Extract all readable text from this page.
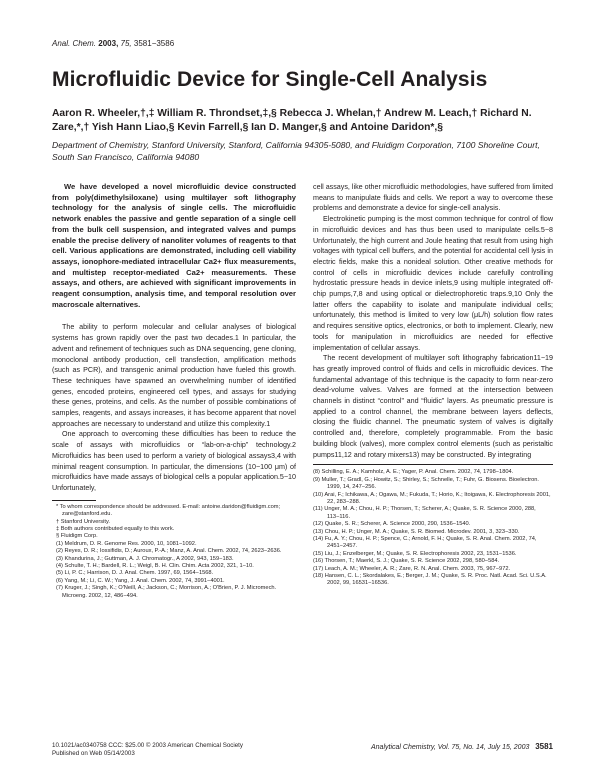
Anal. Chem. 2003, 75, 3581−3586
Microfluidic Device for Single-Cell Analysis
Aaron R. Wheeler,†,‡ William R. Throndset,‡,§ Rebecca J. Whelan,† Andrew M. Leach,† Richard N. Zare,*,† Yish Hann Liao,§ Kevin Farrell,§ Ian D. Manger,§ and Antoine Daridon*,§
Department of Chemistry, Stanford University, Stanford, California 94305-5080, and Fluidigm Corporation, 7100 Shoreline Court, South San Francisco, California 94080

We have developed a novel microfluidic device constructed from poly(dimethylsiloxane) using multilayer soft lithography technology for the analysis of single cells. The microfluidic network enables the passive and gentle separation of a single cell from the bulk cell suspension, and integrated valves and pumps enable the precise delivery of nanoliter volumes of reagents to that cell. Various applications are demonstrated, including cell viability assays, ionophore-mediated intracellular Ca2+ flux measurements, and multistep receptor-mediated Ca2+ measurements. These assays, and others, are achieved with significant improvements in reagent consumption, analysis time, and temporal resolution over macroscale alternatives.

The ability to perform molecular and cellular analyses of biological systems has grown rapidly over the past two decades.1 In particular, the advent and refinement of techniques such as DNA sequencing, gene cloning, monoclonal antibody production, cell transfection, amplification methods (such as PCR), and transgenic animal production have fueled this growth. These techniques have spawned an overwhelming number of identified genes, encoded proteins, engineered cell types, and assays for studying these genes, proteins, and cells. As the number of possible combinations of samples, reagents, and assays increases, it has become apparent that novel approaches are necessary to understand and utilize this complexity.1

One approach to overcoming these difficulties has been to reduce the scale of assays with microfluidics or “lab-on-a-chip” technology.2 Microfluidics has been used to perform a variety of biological assays3,4 with minimal reagent consumption. In particular, the dimensions (10−100 μm) of microfluidics have made assays of biological cells a popular application.5−10 Unfortunately,

* To whom correspondence should be addressed. E-mail: antoine.daridon@fluidigm.com; zare@stanford.edu.

† Stanford University.

‡ Both authors contributed equally to this work.

§ Fluidigm Corp.

(1) Meldrum, D. R. Genome Res. 2000, 10, 1081−1092.

(2) Reyes, D. R.; Iossifidis, D.; Auroux, P.-A.; Manz, A. Anal. Chem. 2002, 74, 2623−2636.

(3) Khandurina, J.; Guttman, A. J. Chromatogr., A 2002, 943, 159−183.

(4) Schulte, T. H.; Bardell, R. L.; Weigl, B. H. Clin. Chim. Acta 2002, 321, 1−10.

(5) Li, P. C.; Harrison, D. J. Anal. Chem. 1997, 69, 1564−1568.

(6) Yang, M.; Li, C. W.; Yang, J. Anal. Chem. 2002, 74, 3991−4001.

(7) Kruger, J.; Singh, K.; O'Neill, A.; Jackson, C.; Morrison, A.; O'Brien, P. J. Micromech. Microeng. 2002, 12, 486−494.

cell assays, like other microfluidic methodologies, have suffered from limited means to manipulate fluids and cells. We report a way to overcome these problems and demonstrate a device for single-cell analysis.

Electrokinetic pumping is the most common technique for control of flow in microfluidic devices and has thus been used to manipulate cells.5−8 Unfortunately, the high current and Joule heating that result from using high voltages with typical cell buffers, and the potential for accidental cell lysis in electric fields, make this a nonideal solution. Other creative methods for control of cells in microfluidic devices include carefully controlling hydrostatic pressure heads in device inlets,9 using multiple integrated off-chip pumps,7,8 and using optical or dielectrophoretic traps.9,10 Only the latter offers the capability to isolate and manipulate individual cells; unfortunately, this method is limited to very low (μL/h) solution flow rates and requires sensitive optics, electronics, or both to implement. Clearly, new tools for manipulation in microfluidics are needed for effective implementation of cellular assays.

The recent development of multilayer soft lithography fabrication11−19 has greatly improved control of fluids and cells in microfluidic devices. The fundamental advantage of this technique is the capacity to form near-zero dead-volume valves. Valves are formed at the intersection between channels in distinct “control” and “fluidic” layers. As pneumatic pressure is applied to a control channel, the membrane between layers deflects, closing the fluidic channel. The pneumatic system of valves is digitally controlled and, therefore, completely programmable. From the basic building block (valves), more complex control elements (such as peristaltic pumps11,12 and rotary mixers13) may be constructed. By integrating

(8) Schilling, E. A.; Kamholz, A. E.; Yager, P. Anal. Chem. 2002, 74, 1798−1804.

(9) Muller, T.; Gradl, G.; Howitz, S.; Shirley, S.; Schnelle, T.; Fuhr, G. Biosens. Bioelectron. 1999, 14, 247−256.

(10) Arai, F.; Ichikawa, A.; Ogawa, M.; Fukuda, T.; Horio, K.; Itoigawa, K. Electrophoresis 2001, 22, 283−288.

(11) Unger, M. A.; Chou, H. P.; Thorsen, T.; Scherer, A.; Quake, S. R. Science 2000, 288, 113−116.

(12) Quake, S. R.; Scherer, A. Science 2000, 290, 1536−1540.

(13) Chou, H. P.; Unger, M. A.; Quake, S. R. Biomed. Microdev. 2001, 3, 323−330.

(14) Fu, A. Y.; Chou, H. P.; Spence, C.; Arnold, F. H.; Quake, S. R. Anal. Chem. 2002, 74, 2451−2457.

(15) Liu, J.; Enzelberger, M.; Quake, S. R. Electrophoresis 2002, 23, 1531−1536.

(16) Thorsen, T.; Maerkl, S. J.; Quake, S. R. Science 2002, 298, 580−584.

(17) Leach, A. M.; Wheeler, A. R.; Zare, R. N. Anal. Chem. 2003, 75, 967−972.

(18) Hansen, C. L.; Skordalakes, E.; Berger, J. M.; Quake, S. R. Proc. Natl. Acad. Sci. U.S.A. 2002, 99, 16531−16536.

10.1021/ac0340758 CCC: $25.00 © 2003 American Chemical Society
Published on Web 05/14/2003
Analytical Chemistry, Vol. 75, No. 14, July 15, 2003 3581
